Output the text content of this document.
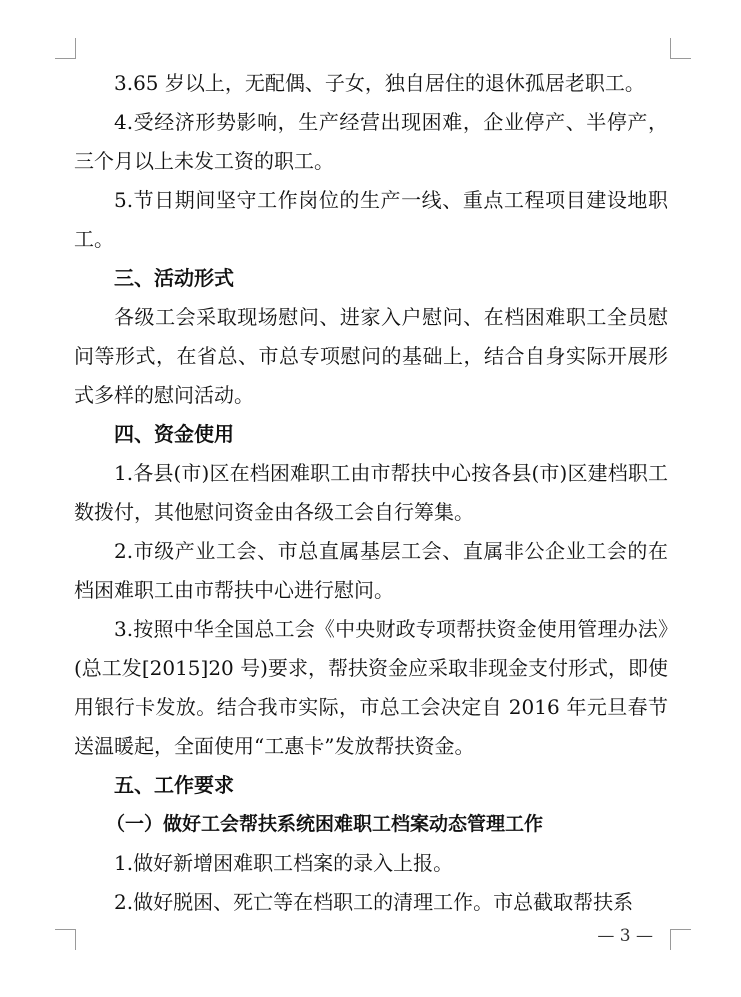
3.65 岁以上，无配偶、子女，独自居住的退休孤居老职工。

4.受经济形势影响，生产经营出现困难，企业停产、半停产，三个月以上未发工资的职工。

5.节日期间坚守工作岗位的生产一线、重点工程项目建设地职工。

三、活动形式

各级工会采取现场慰问、进家入户慰问、在档困难职工全员慰问等形式，在省总、市总专项慰问的基础上，结合自身实际开展形式多样的慰问活动。

四、资金使用

1.各县(市)区在档困难职工由市帮扶中心按各县(市)区建档职工数拨付，其他慰问资金由各级工会自行筹集。

2.市级产业工会、市总直属基层工会、直属非公企业工会的在档困难职工由市帮扶中心进行慰问。

3.按照中华全国总工会《中央财政专项帮扶资金使用管理办法》(总工发[2015]20 号)要求，帮扶资金应采取非现金支付形式，即使用银行卡发放。结合我市实际，市总工会决定自 2016 年元旦春节送温暖起，全面使用“工惠卡”发放帮扶资金。

五、工作要求

（一）做好工会帮扶系统困难职工档案动态管理工作

1.做好新增困难职工档案的录入上报。

2.做好脱困、死亡等在档职工的清理工作。市总截取帮扶系

— 3 —
